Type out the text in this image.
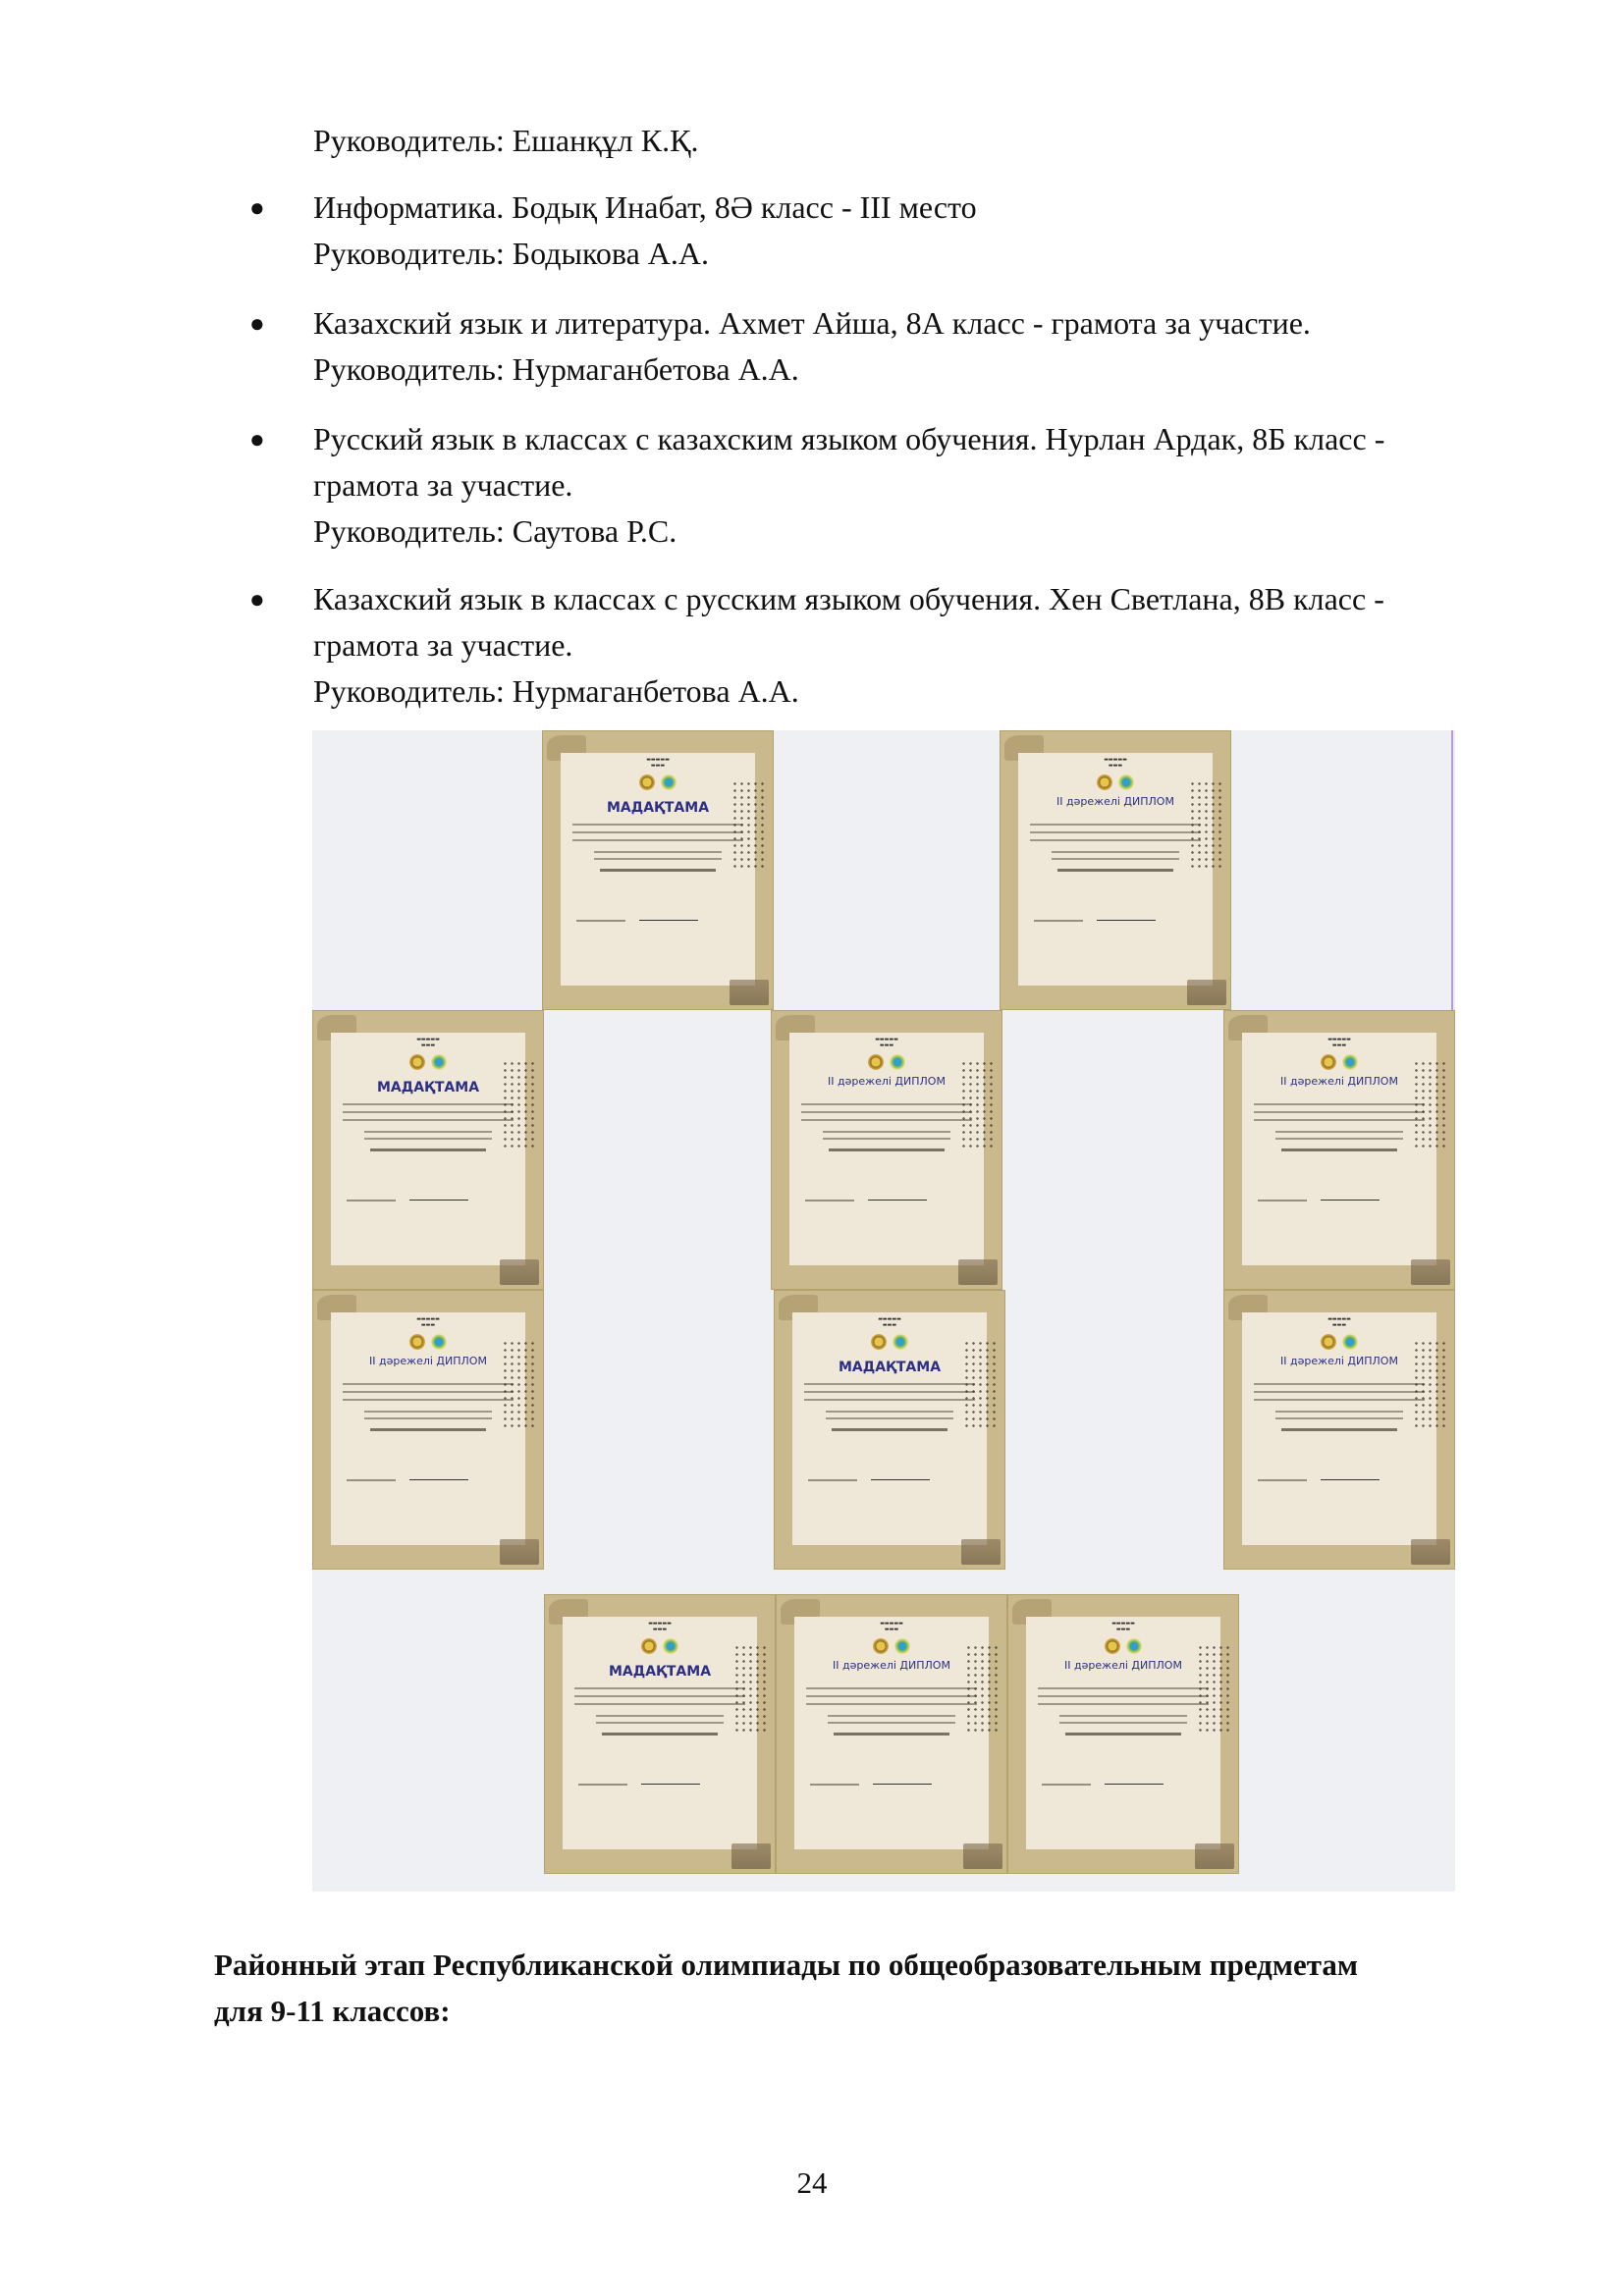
Руководитель: Ешанқұл К.Қ.
● Информатика. Бодық Инабат, 8Ә класс - III место
Руководитель: Бодыкова А.А.
● Казахский язык и литература. Ахмет Айша, 8А класс - грамота за участие.
Руководитель: Нурмаганбетова А.А.
● Русский язык в классах с казахским языком обучения. Нурлан Ардак, 8Б класс -
грамота за участие.
Руководитель: Саутова Р.С.
● Казахский язык в классах с русским языком обучения. Хен Светлана, 8В класс -
грамота за участие.
Руководитель: Нурмаганбетова А.А.
▬▬▬▬▬
▬▬▬
МАДАҚТАМА
▬▬▬▬▬
▬▬▬
II дәрежелі ДИПЛОМ
▬▬▬▬▬
▬▬▬
МАДАҚТАМА
▬▬▬▬▬
▬▬▬
II дәрежелі ДИПЛОМ
▬▬▬▬▬
▬▬▬
II дәрежелі ДИПЛОМ
▬▬▬▬▬
▬▬▬
II дәрежелі ДИПЛОМ
▬▬▬▬▬
▬▬▬
МАДАҚТАМА
▬▬▬▬▬
▬▬▬
II дәрежелі ДИПЛОМ
▬▬▬▬▬
▬▬▬
МАДАҚТАМА
▬▬▬▬▬
▬▬▬
II дәрежелі ДИПЛОМ
▬▬▬▬▬
▬▬▬
II дәрежелі ДИПЛОМ
Районный этап Республиканской олимпиады по общеобразовательным предметам
для 9-11 классов:
24
